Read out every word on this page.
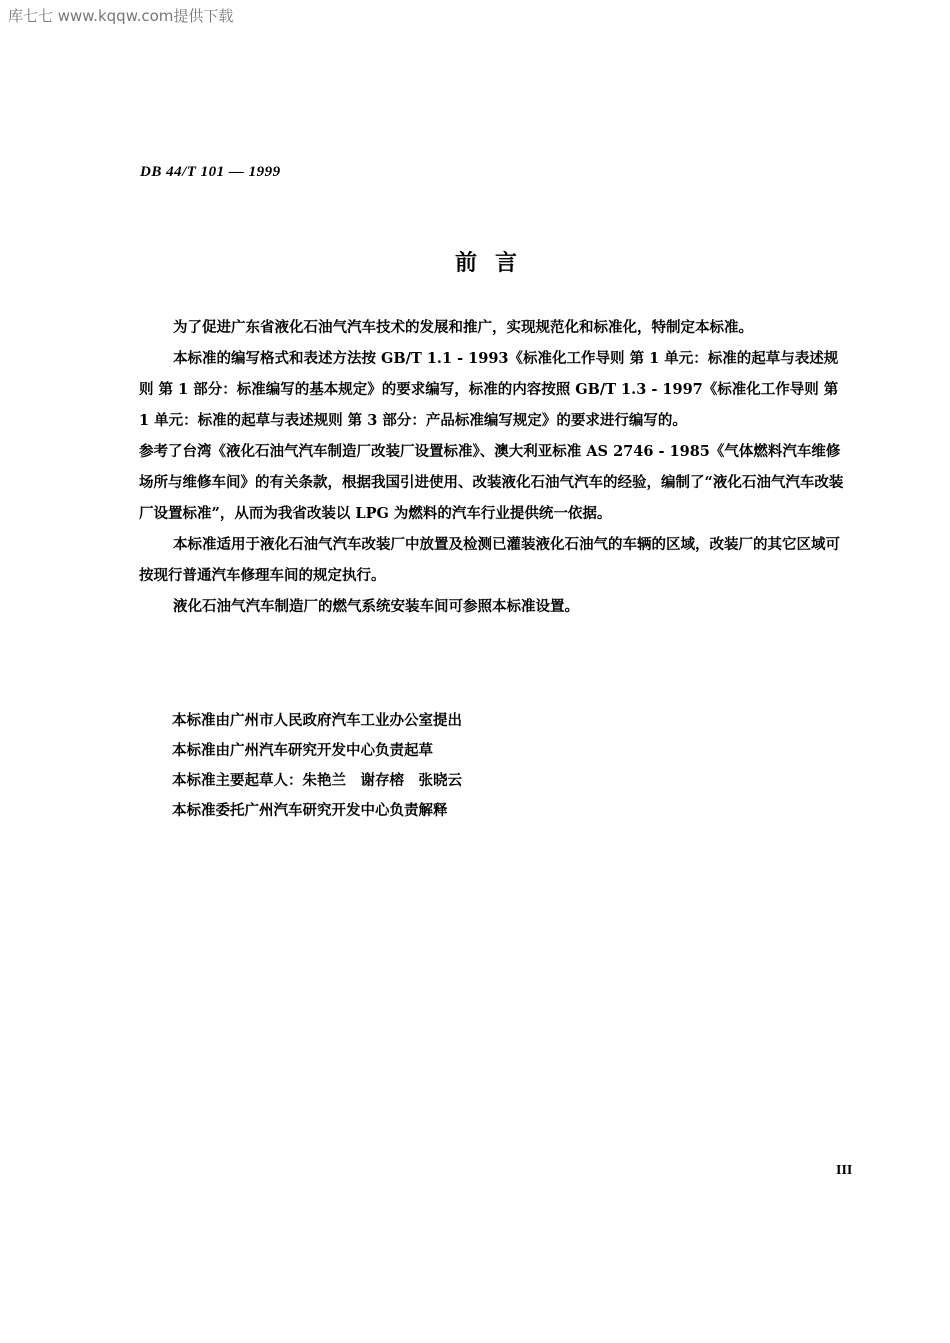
库七七 www.kqqw.com提供下载
DB 44/T 101 — 1999
前言

为了促进广东省液化石油气汽车技术的发展和推广，实现规范化和标准化，特制定本标准。

本标准的编写格式和表述方法按 GB/T 1.1 - 1993《标准化工作导则 第 1 单元：标准的起草与表述规则 第 1 部分：标准编写的基本规定》的要求编写，标准的内容按照 GB/T 1.3 - 1997《标准化工作导则 第 1 单元：标准的起草与表述规则 第 3 部分：产品标准编写规定》的要求进行编写的。

参考了台湾《液化石油气汽车制造厂改装厂设置标准》、澳大利亚标准 AS 2746 - 1985《气体燃料汽车维修场所与维修车间》的有关条款，根据我国引进使用、改装液化石油气汽车的经验，编制了“液化石油气汽车改装厂设置标准”，从而为我省改装以 LPG 为燃料的汽车行业提供统一依据。

本标准适用于液化石油气汽车改装厂中放置及检测已灌装液化石油气的车辆的区域，改装厂的其它区域可按现行普通汽车修理车间的规定执行。

液化石油气汽车制造厂的燃气系统安装车间可参照本标准设置。

本标准由广州市人民政府汽车工业办公室提出

本标准由广州汽车研究开发中心负责起草

本标准主要起草人：朱艳兰　谢存榕　张晓云

本标准委托广州汽车研究开发中心负责解释

III
